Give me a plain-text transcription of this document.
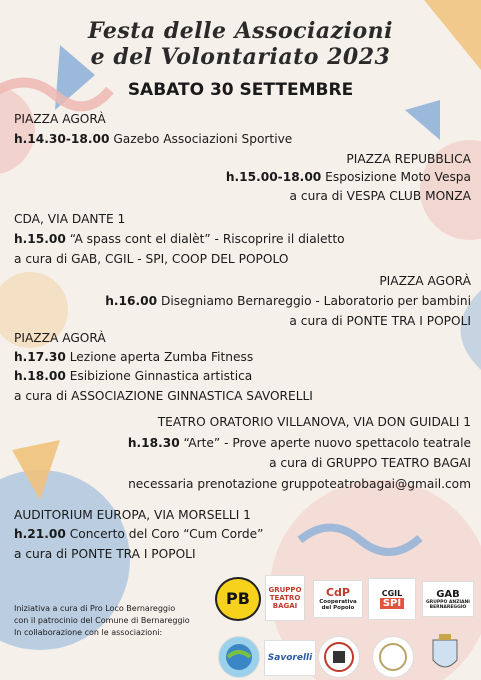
Festa delle Associazioni
e del Volontariato 2023
SABATO 30 SETTEMBRE
PIAZZA AGORÀ
h.14.30-18.00 Gazebo Associazioni Sportive
PIAZZA REPUBBLICA
h.15.00-18.00 Esposizione Moto Vespa
a cura di VESPA CLUB MONZA
CDA, VIA DANTE 1
h.15.00 “A spass cont el dialèt” - Riscoprire il dialetto
a cura di GAB, CGIL - SPI, COOP DEL POPOLO
PIAZZA AGORÀ
h.16.00 Disegniamo Bernareggio - Laboratorio per bambini
a cura di PONTE TRA I POPOLI
PIAZZA AGORÀ
h.17.30 Lezione aperta Zumba Fitness
h.18.00 Esibizione Ginnastica artistica
a cura di ASSOCIAZIONE GINNASTICA SAVORELLI
TEATRO ORATORIO VILLANOVA, VIA DON GUIDALI 1
h.18.30 “Arte” - Prove aperte nuovo spettacolo teatrale
a cura di GRUPPO TEATRO BAGAI
necessaria prenotazione gruppoteatrobagai@gmail.com
AUDITORIUM EUROPA, VIA MORSELLI 1
h.21.00 Concerto del Coro “Cum Corde”
a cura di PONTE TRA I POPOLI
Iniziativa a cura di Pro Loco Bernareggio
con il patrocinio del Comune di Bernareggio
In collaborazione con le associazioni:
PB	GRUPPO TEATRO BAGAI
CdP
Cooperativa del Popolo
CGIL
SPI
GAB
GRUPPO ANZIANI BERNAREGGIO
Savorelli
